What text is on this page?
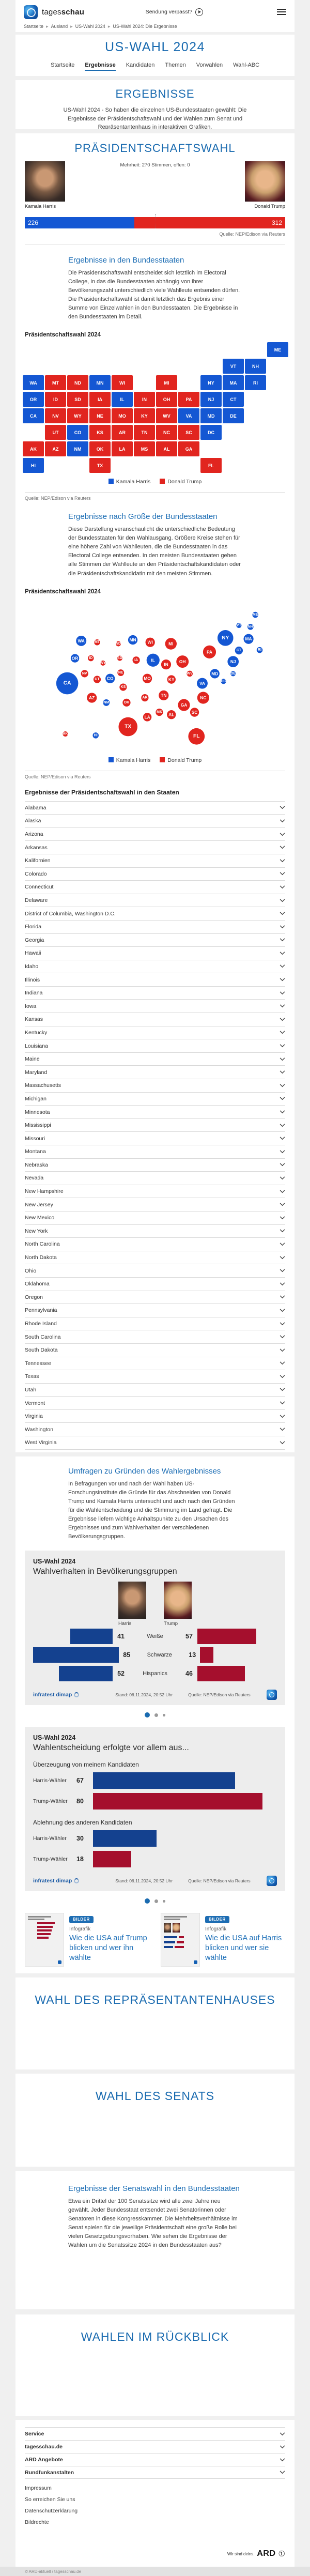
tagesschau	Sendung verpasst?
Startseite ▸ Ausland ▸ US-Wahl 2024 ▸ US-Wahl 2024: Die Ergebnisse
US-WAHL 2024
Startseite Ergebnisse Kandidaten Themen Vorwahlen Wahl-ABC
ERGEBNISSE

US-Wahl 2024 - So haben die einzelnen US-Bundesstaaten gewählt: Die Ergebnisse der Präsidentschaftswahl und der Wahlen zum Senat und Repräsentantenhaus in interaktiven Grafiken.

PRÄSIDENTSCHAFTSWAHL
Kamala Harris
Mehrheit: 270 Stimmen, offen: 0
Donald Trump
226	312
Quelle: NEP/Edison via Reuters
Ergebnisse in den Bundesstaaten
Die Präsidentschaftswahl entscheidet sich letztlich im Electoral College, in das die Bundesstaaten abhängig von ihrer Bevölkerungszahl unterschiedlich viele Wahlleute entsenden dürfen. Die Präsidentschaftswahl ist damit letztlich das Ergebnis einer Summe von Einzelwahlen in den Bundesstaaten. Die Ergebnisse in den Bundesstaaten im Detail.
Präsidentschaftswahl 2024
AK
HI
ME
VT	NH
WA	MT	ND	MN	WI	MI	NY	MA	RI
OR	ID	SD	IA	IL	IN	OH	PA	NJ	CT
CA	NV	WY	NE	MO	KY	WV	VA	MD	DE
UT	CO	KS	AR	TN	NC	SC	DC
AZ	NM	OK	LA	MS	AL	GA
TX	FL
Kamala Harris	Donald Trump
Quelle: NEP/Edison via Reuters
Ergebnisse nach Größe der Bundesstaaten
Diese Darstellung veranschaulicht die unterschiedliche Bedeutung der Bundesstaaten für den Wahlausgang. Größere Kreise stehen für eine höhere Zahl von Wahlleuten, die die Bundesstaaten in das Electoral College entsenden. In den meisten Bundesstaaten gehen alle Stimmen der Wahlleute an den Präsidentschaftskandidaten oder die Präsidentschaftskandidatin mit den meisten Stimmen.
Präsidentschaftswahl 2024
ME
NH
VT
MA
RI
CT
NY
NJ
PA
DE
MD
DC
VA
WV
OH
MI
IN
IL
WI
MN
IA
MO	KY
TN	NC
SC
GA
AL
MS
AR
LA
FL
TX
OK
KS
NE
SD
ND
MT
WY
CO
NM
AZ
UT
NV
ID
WA
OR
CA
AK	HI
Kamala Harris	Donald Trump
Quelle: NEP/Edison via Reuters
Ergebnisse der Präsidentschaftswahl in den Staaten
Alabama
Alaska
Arizona
Arkansas
Kalifornien
Colorado
Connecticut
Delaware
District of Columbia, Washington D.C.
Florida
Georgia
Hawaii
Idaho
Illinois
Indiana
Iowa
Kansas
Kentucky
Louisiana
Maine
Maryland
Massachusetts
Michigan
Minnesota
Mississippi
Missouri
Montana
Nebraska
Nevada
New Hampshire
New Jersey
New Mexico
New York
North Carolina
North Dakota
Ohio
Oklahoma
Oregon
Pennsylvania
Rhode Island
South Carolina
South Dakota
Tennessee
Texas
Utah
Vermont
Virginia
Washington
West Virginia
Umfragen zu Gründen des Wahlergebnisses
In Befragungen vor und nach der Wahl haben US-Forschungsinstitute die Gründe für das Abschneiden von Donald Trump und Kamala Harris untersucht und auch nach den Gründen für die Wahlentscheidung und die Stimmung im Land gefragt. Die Ergebnisse liefern wichtige Anhaltspunkte zu den Ursachen des Ergebnisses und zum Wahlverhalten der verschiedenen Bevölkerungsgruppen.
US-Wahl 2024
Wahlverhalten in Bevölkerungsgruppen
Harris	Trump
41	Weiße	57
85	Schwarze	13
52	Hispanics	46
infratest dimap	Stand: 06.11.2024, 20:52 Uhr	Quelle: NEP/Edison via Reuters
US-Wahl 2024
Wahlentscheidung erfolgte vor allem aus...
Überzeugung von meinem Kandidaten
Harris-Wähler	67
Trump-Wähler	80
Ablehnung des anderen Kandidaten
Harris-Wähler	30
Trump-Wähler	18
infratest dimap	Stand: 06.11.2024, 20:52 Uhr	Quelle: NEP/Edison via Reuters
BILDER
Infografik
Wie die USA auf Trump blicken und wer ihn wählte
BILDER
Infografik
Wie die USA auf Harris blicken und wer sie wählte
WAHL DES REPRÄSENTANTENHAUSES
WAHL DES SENATS
Ergebnisse der Senatswahl in den Bundesstaaten
Etwa ein Drittel der 100 Senatssitze wird alle zwei Jahre neu gewählt. Jeder Bundesstaat entsendet zwei Senatorinnen oder Senatoren in diese Kongresskammer. Die Mehrheitsverhältnisse im Senat spielen für die jeweilige Präsidentschaft eine große Rolle bei vielen Gesetzgebungsvorhaben. Wie sehen die Ergebnisse der Wahlen um die Senatssitze 2024 in den Bundesstaaten aus?
WAHLEN IM RÜCKBLICK
Service
tagesschau.de
ARD Angebote
Rundfunkanstalten
Impressum
So erreichen Sie uns
Datenschutzerklärung
Bildrechte
Wir sind deins. ARD ①
© ARD-aktuell / tagesschau.de
